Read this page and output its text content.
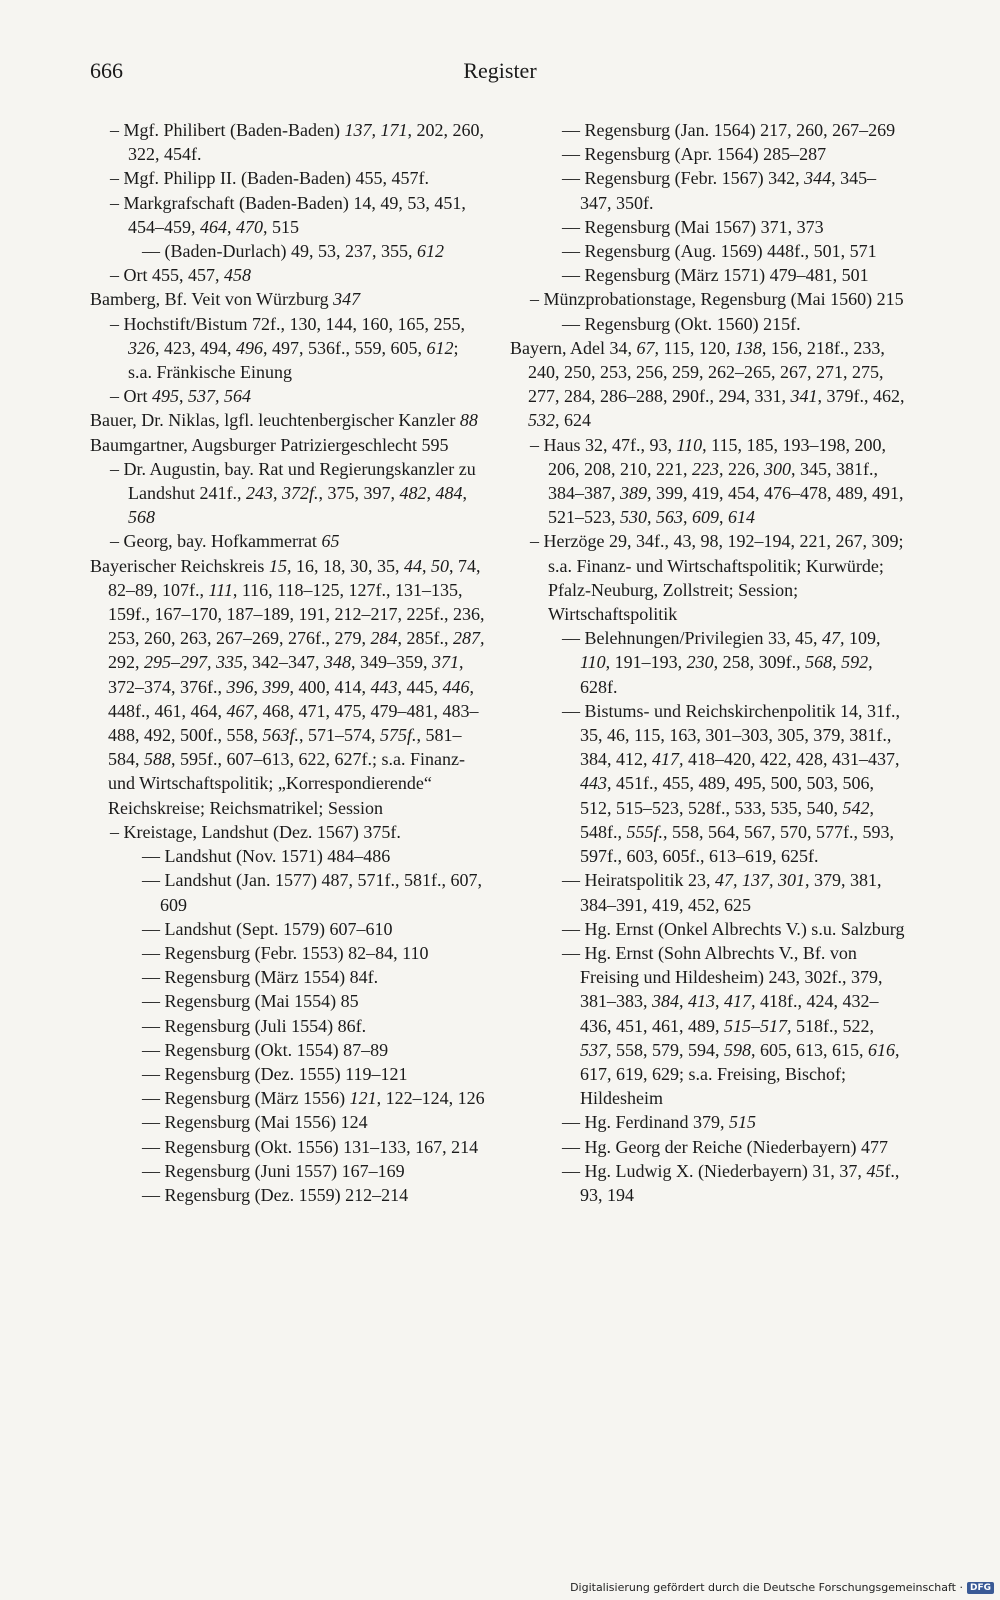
666	Register
– Mgf. Philibert (Baden-Baden) 137, 171, 202, 260, 322, 454f.
– Mgf. Philipp II. (Baden-Baden) 455, 457f.
– Markgrafschaft (Baden-Baden) 14, 49, 53, 451, 454–459, 464, 470, 515
–– (Baden-Durlach) 49, 53, 237, 355, 612
– Ort 455, 457, 458
Bamberg, Bf. Veit von Würzburg 347
– Hochstift/Bistum 72f., 130, 144, 160, 165, 255, 326, 423, 494, 496, 497, 536f., 559, 605, 612; s.a. Fränkische Einung
– Ort 495, 537, 564
Bauer, Dr. Niklas, lgfl. leuchtenbergischer Kanzler 88
Baumgartner, Augsburger Patriziergeschlecht 595
– Dr. Augustin, bay. Rat und Regierungskanzler zu Landshut 241f., 243, 372f., 375, 397, 482, 484, 568
– Georg, bay. Hofkammerrat 65
Bayerischer Reichskreis 15, 16, 18, 30, 35, 44, 50, 74, 82–89, 107f., 111, 116, 118–125, 127f., 131–135, 159f., 167–170, 187–189, 191, 212–217, 225f., 236, 253, 260, 263, 267–269, 276f., 279, 284, 285f., 287, 292, 295–297, 335, 342–347, 348, 349–359, 371, 372–374, 376f., 396, 399, 400, 414, 443, 445, 446, 448f., 461, 464, 467, 468, 471, 475, 479–481, 483–488, 492, 500f., 558, 563f., 571–574, 575f., 581–584, 588, 595f., 607–613, 622, 627f.; s.a. Finanz- und Wirtschaftspolitik; „Korrespondierende“ Reichskreise; Reichsmatrikel; Session
– Kreistage, Landshut (Dez. 1567) 375f.
–– Landshut (Nov. 1571) 484–486
–– Landshut (Jan. 1577) 487, 571f., 581f., 607, 609
–– Landshut (Sept. 1579) 607–610
–– Regensburg (Febr. 1553) 82–84, 110
–– Regensburg (März 1554) 84f.
–– Regensburg (Mai 1554) 85
–– Regensburg (Juli 1554) 86f.
–– Regensburg (Okt. 1554) 87–89
–– Regensburg (Dez. 1555) 119–121
–– Regensburg (März 1556) 121, 122–124, 126
–– Regensburg (Mai 1556) 124
–– Regensburg (Okt. 1556) 131–133, 167, 214
–– Regensburg (Juni 1557) 167–169
–– Regensburg (Dez. 1559) 212–214
–– Regensburg (Jan. 1564) 217, 260, 267–269
–– Regensburg (Apr. 1564) 285–287
–– Regensburg (Febr. 1567) 342, 344, 345–347, 350f.
–– Regensburg (Mai 1567) 371, 373
–– Regensburg (Aug. 1569) 448f., 501, 571
–– Regensburg (März 1571) 479–481, 501
– Münzprobationstage, Regensburg (Mai 1560) 215
–– Regensburg (Okt. 1560) 215f.
Bayern, Adel 34, 67, 115, 120, 138, 156, 218f., 233, 240, 250, 253, 256, 259, 262–265, 267, 271, 275, 277, 284, 286–288, 290f., 294, 331, 341, 379f., 462, 532, 624
– Haus 32, 47f., 93, 110, 115, 185, 193–198, 200, 206, 208, 210, 221, 223, 226, 300, 345, 381f., 384–387, 389, 399, 419, 454, 476–478, 489, 491, 521–523, 530, 563, 609, 614
– Herzöge 29, 34f., 43, 98, 192–194, 221, 267, 309; s.a. Finanz- und Wirtschaftspolitik; Kurwürde; Pfalz-Neuburg, Zollstreit; Session; Wirtschaftspolitik
–– Belehnungen/Privilegien 33, 45, 47, 109, 110, 191–193, 230, 258, 309f., 568, 592, 628f.
–– Bistums- und Reichskirchenpolitik 14, 31f., 35, 46, 115, 163, 301–303, 305, 379, 381f., 384, 412, 417, 418–420, 422, 428, 431–437, 443, 451f., 455, 489, 495, 500, 503, 506, 512, 515–523, 528f., 533, 535, 540, 542, 548f., 555f., 558, 564, 567, 570, 577f., 593, 597f., 603, 605f., 613–619, 625f.
–– Heiratspolitik 23, 47, 137, 301, 379, 381, 384–391, 419, 452, 625
–– Hg. Ernst (Onkel Albrechts V.) s.u. Salzburg
–– Hg. Ernst (Sohn Albrechts V., Bf. von Freising und Hildesheim) 243, 302f., 379, 381–383, 384, 413, 417, 418f., 424, 432–436, 451, 461, 489, 515–517, 518f., 522, 537, 558, 579, 594, 598, 605, 613, 615, 616, 617, 619, 629; s.a. Freising, Bischof; Hildesheim
–– Hg. Ferdinand 379, 515
–– Hg. Georg der Reiche (Niederbayern) 477
–– Hg. Ludwig X. (Niederbayern) 31, 37, 45f., 93, 194
Digitalisierung gefördert durch die Deutsche Forschungsgemeinschaft · DFG
